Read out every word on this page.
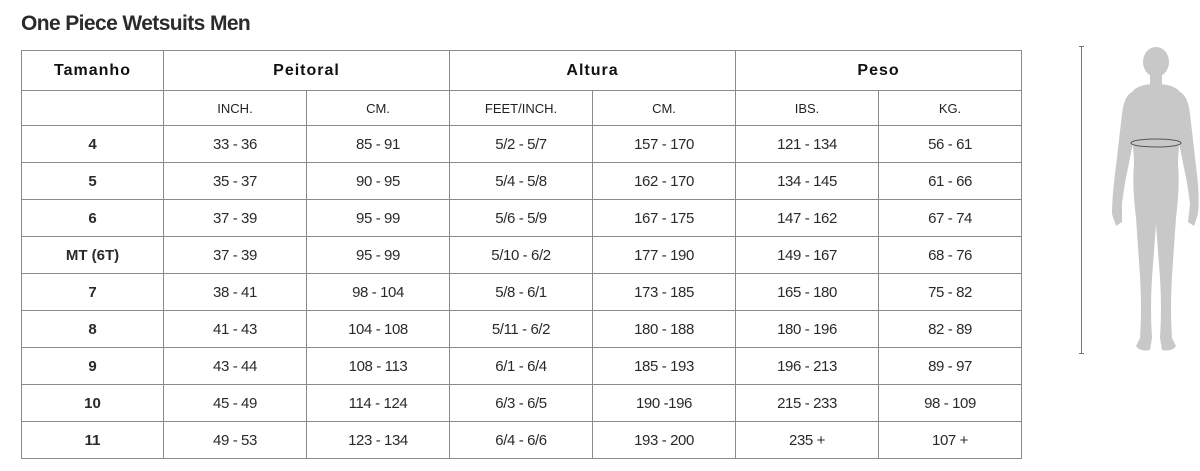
One Piece Wetsuits Men
Tamanho	Peitoral		Altura		Peso	
	INCH.	CM.	FEET/INCH.	CM.	IBS.	KG.
4	33 - 36	85 - 91	5/2 - 5/7	157 - 170	121 - 134	56 - 61
5	35 - 37	90 - 95	5/4 - 5/8	162 - 170	134 - 145	61 - 66
6	37 - 39	95 - 99	5/6 - 5/9	167 - 175	147 - 162	67 - 74
MT (6T)	37 - 39	95 - 99	5/10 - 6/2	177 - 190	149 - 167	68 - 76
7	38 - 41	98 - 104	5/8 - 6/1	173 - 185	165 - 180	75 - 82
8	41 - 43	104 - 108	5/11 - 6/2	180 - 188	180 - 196	82 - 89
9	43 - 44	108 - 113	6/1 - 6/4	185 - 193	196 - 213	89 - 97
10	45 - 49	114 - 124	6/3 - 6/5	190 -196	215 - 233	98 - 109
11	49 - 53	123 - 134	6/4 - 6/6	193 - 200	235 +	107 +
